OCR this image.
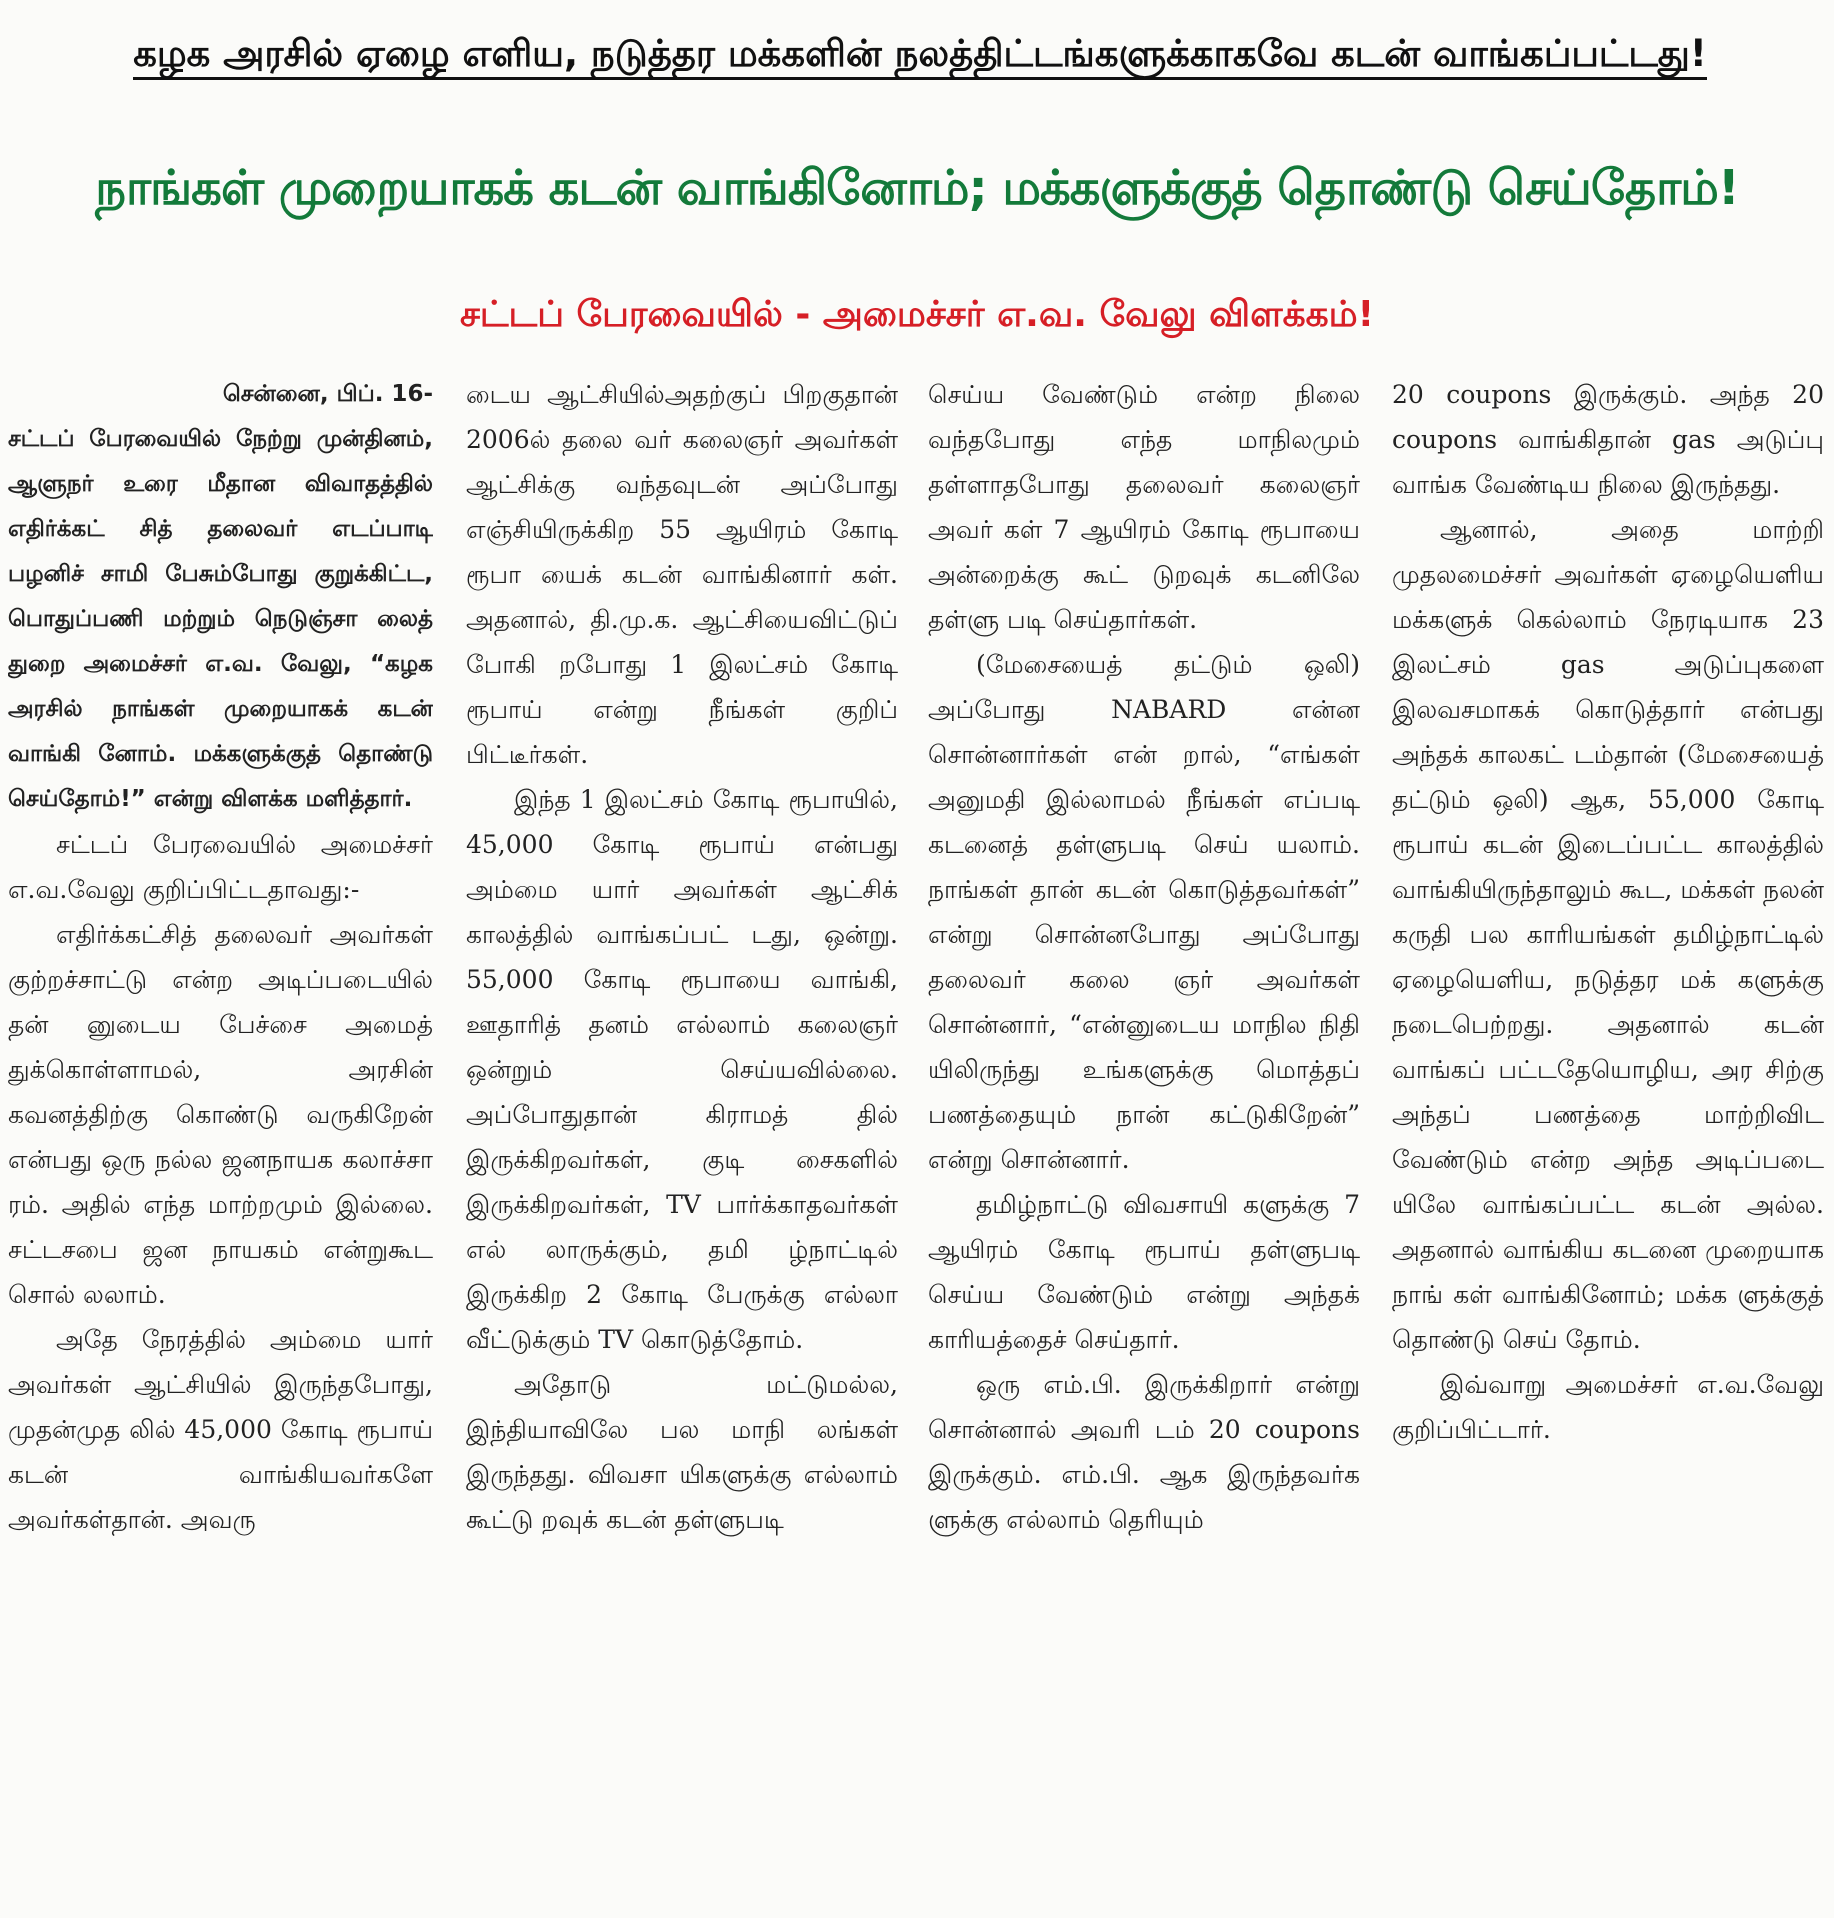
கழக அரசில் ஏழை எளிய, நடுத்தர மக்களின் நலத்திட்டங்களுக்காகவே கடன் வாங்கப்பட்டது!
நாங்கள் முறையாகக் கடன் வாங்கினோம்; மக்களுக்குத் தொண்டு செய்தோம்!
சட்டப் பேரவையில் - அமைச்சர் எ.வ. வேலு விளக்கம்!

சென்னை, பிப். 16-

சட்டப் பேரவையில் நேற்று முன்தினம், ஆளுநர் உரை மீதான விவாதத்தில் எதிர்க்கட் சித் தலைவர் எடப்பாடி பழனிச் சாமி பேசும்போது குறுக்கிட்ட, பொதுப்பணி மற்றும் நெடுஞ்சா லைத் துறை அமைச்சர் எ.வ. வேலு, “கழக அரசில் நாங்கள் முறையாகக் கடன் வாங்கி னோம். மக்களுக்குத் தொண்டு செய்தோம்!” என்று விளக்க மளித்தார்.

சட்டப் பேரவையில் அமைச்சர் எ.வ.வேலு குறிப்பிட்டதாவது:-

எதிர்க்கட்சித் தலைவர் அவர்கள் குற்றச்சாட்டு என்ற அடிப்படையில் தன் னுடைய பேச்சை அமைத் துக்கொள்ளாமல், அரசின் கவனத்திற்கு கொண்டு வருகிறேன் என்பது ஒரு நல்ல ஜனநாயக கலாச்சா ரம். அதில் எந்த மாற்றமும் இல்லை. சட்டசபை ஜன நாயகம் என்றுகூட சொல் லலாம்.

அதே நேரத்தில் அம்மை யார் அவர்கள் ஆட்சியில் இருந்தபோது, முதன்முத லில் 45,000 கோடி ரூபாய் கடன் வாங்கியவர்களே அவர்கள்தான். அவரு

டைய ஆட்சியில்அதற்குப் பிறகுதான் 2006ல் தலை வர் கலைஞர் அவர்கள் ஆட்சிக்கு வந்தவுடன் அப்போது எஞ்சியிருக்கிற 55 ஆயிரம் கோடி ரூபா யைக் கடன் வாங்கினார் கள். அதனால், தி.மு.க. ஆட்சியைவிட்டுப் போகி றபோது 1 இலட்சம் கோடி ரூபாய் என்று நீங்கள் குறிப் பிட்டீர்கள்.

இந்த 1 இலட்சம் கோடி ரூபாயில், 45,000 கோடி ரூபாய் என்பது அம்மை யார் அவர்கள் ஆட்சிக் காலத்தில் வாங்கப்பட் டது, ஒன்று. 55,000 கோடி ரூபாயை வாங்கி, ஊதாரித் தனம் எல்லாம் கலைஞர் ஒன்றும் செய்யவில்லை. அப்போதுதான் கிராமத் தில் இருக்கிறவர்கள், குடி சைகளில் இருக்கிறவர்கள், TV பார்க்காதவர்கள் எல் லாருக்கும், தமி ழ்நாட்டில் இருக்கிற 2 கோடி பேருக்கு எல்லா வீட்டுக்கும் TV கொடுத்தோம்.

அதோடு மட்டுமல்ல, இந்தியாவிலே பல மாநி லங்கள் இருந்தது. விவசா யிகளுக்கு எல்லாம் கூட்டு றவுக் கடன் தள்ளுபடி

செய்ய வேண்டும் என்ற நிலை வந்தபோது எந்த மாநிலமும் தள்ளாதபோது தலைவர் கலைஞர் அவர் கள் 7 ஆயிரம் கோடி ரூபாயை அன்றைக்கு கூட் டுறவுக் கடனிலே தள்ளு படி செய்தார்கள்.

(மேசையைத் தட்டும் ஒலி) அப்போது NABARD என்ன சொன்னார்கள் என் றால், “எங்கள் அனுமதி இல்லாமல் நீங்கள் எப்படி கடனைத் தள்ளுபடி செய் யலாம். நாங்கள் தான் கடன் கொடுத்தவர்கள்” என்று சொன்னபோது அப்போது தலைவர் கலை ஞர் அவர்கள் சொன்னார், “என்னுடைய மாநில நிதி யிலிருந்து உங்களுக்கு மொத்தப் பணத்தையும் நான் கட்டுகிறேன்” என்று சொன்னார்.

தமிழ்நாட்டு விவசாயி களுக்கு 7 ஆயிரம் கோடி ரூபாய் தள்ளுபடி செய்ய வேண்டும் என்று அந்தக் காரியத்தைச் செய்தார்.

ஒரு எம்.பி. இருக்கிறார் என்று சொன்னால் அவரி டம் 20 coupons இருக்கும். எம்.பி. ஆக இருந்தவர்க ளுக்கு எல்லாம் தெரியும்

20 coupons இருக்கும். அந்த 20 coupons வாங்கிதான் gas அடுப்பு வாங்க வேண்டிய நிலை இருந்தது.

ஆனால், அதை மாற்றி முதலமைச்சர் அவர்கள் ஏழையெளிய மக்களுக் கெல்லாம் நேரடியாக 23 இலட்சம் gas அடுப்புகளை இலவசமாகக் கொடுத்தார் என்பது அந்தக் காலகட் டம்தான் (மேசையைத் தட்டும் ஒலி) ஆக, 55,000 கோடி ரூபாய் கடன் இடைப்பட்ட காலத்தில் வாங்கியிருந்தாலும் கூட, மக்கள் நலன் கருதி பல காரியங்கள் தமிழ்நாட்டில் ஏழையெளிய, நடுத்தர மக் களுக்கு நடைபெற்றது. அதனால் கடன் வாங்கப் பட்டதேயொழிய, அர சிற்கு அந்தப் பணத்தை மாற்றிவிட வேண்டும் என்ற அந்த அடிப்படை யிலே வாங்கப்பட்ட கடன் அல்ல. அதனால் வாங்கிய கடனை முறையாக நாங் கள் வாங்கினோம்; மக்க ளுக்குத் தொண்டு செய் தோம்.

இவ்வாறு அமைச்சர் எ.வ.வேலு குறிப்பிட்டார்.
